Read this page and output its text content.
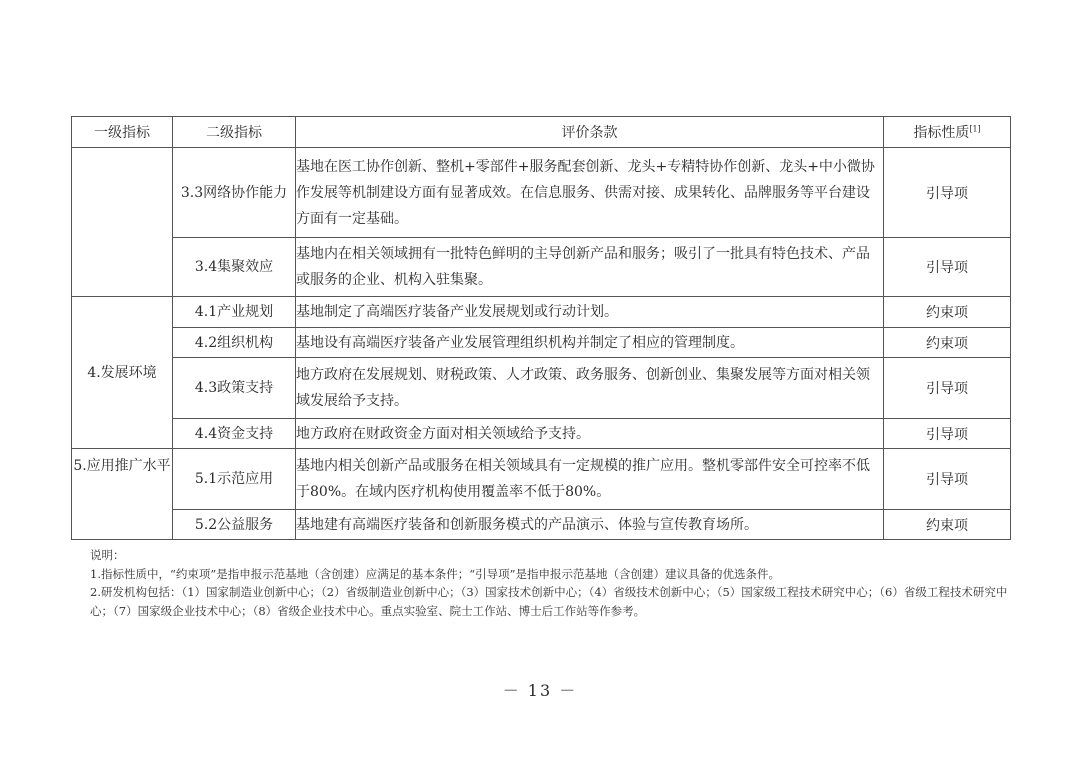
一级指标	二级指标	评价条款	指标性质[1]
	3.3网络协作能力	基地在医工协作创新、整机+零部件+服务配套创新、龙头+专精特协作创新、龙头+中小微协作发展等机制建设方面有显著成效。在信息服务、供需对接、成果转化、品牌服务等平台建设方面有一定基础。	引导项
	3.4集聚效应	基地内在相关领域拥有一批特色鲜明的主导创新产品和服务；吸引了一批具有特色技术、产品或服务的企业、机构入驻集聚。	引导项
4.发展环境	4.1产业规划	基地制定了高端医疗装备产业发展规划或行动计划。	约束项
	4.2组织机构	基地设有高端医疗装备产业发展管理组织机构并制定了相应的管理制度。	约束项
	4.3政策支持	地方政府在发展规划、财税政策、人才政策、政务服务、创新创业、集聚发展等方面对相关领域发展给予支持。	引导项
	4.4资金支持	地方政府在财政资金方面对相关领域给予支持。	引导项
5.应用推广水平	5.1示范应用	基地内相关创新产品或服务在相关领域具有一定规模的推广应用。整机零部件安全可控率不低于80%。在域内医疗机构使用覆盖率不低于80%。	引导项
	5.2公益服务	基地建有高端医疗装备和创新服务模式的产品演示、体验与宣传教育场所。	约束项

说明：

1.指标性质中，“约束项”是指申报示范基地（含创建）应满足的基本条件；“引导项”是指申报示范基地（含创建）建议具备的优选条件。

2.研发机构包括：（1）国家制造业创新中心；（2）省级制造业创新中心；（3）国家技术创新中心；（4）省级技术创新中心；（5）国家级工程技术研究中心；（6）省级工程技术研究中心；（7）国家级企业技术中心；（8）省级企业技术中心。重点实验室、院士工作站、博士后工作站等作参考。

－ 13 －
